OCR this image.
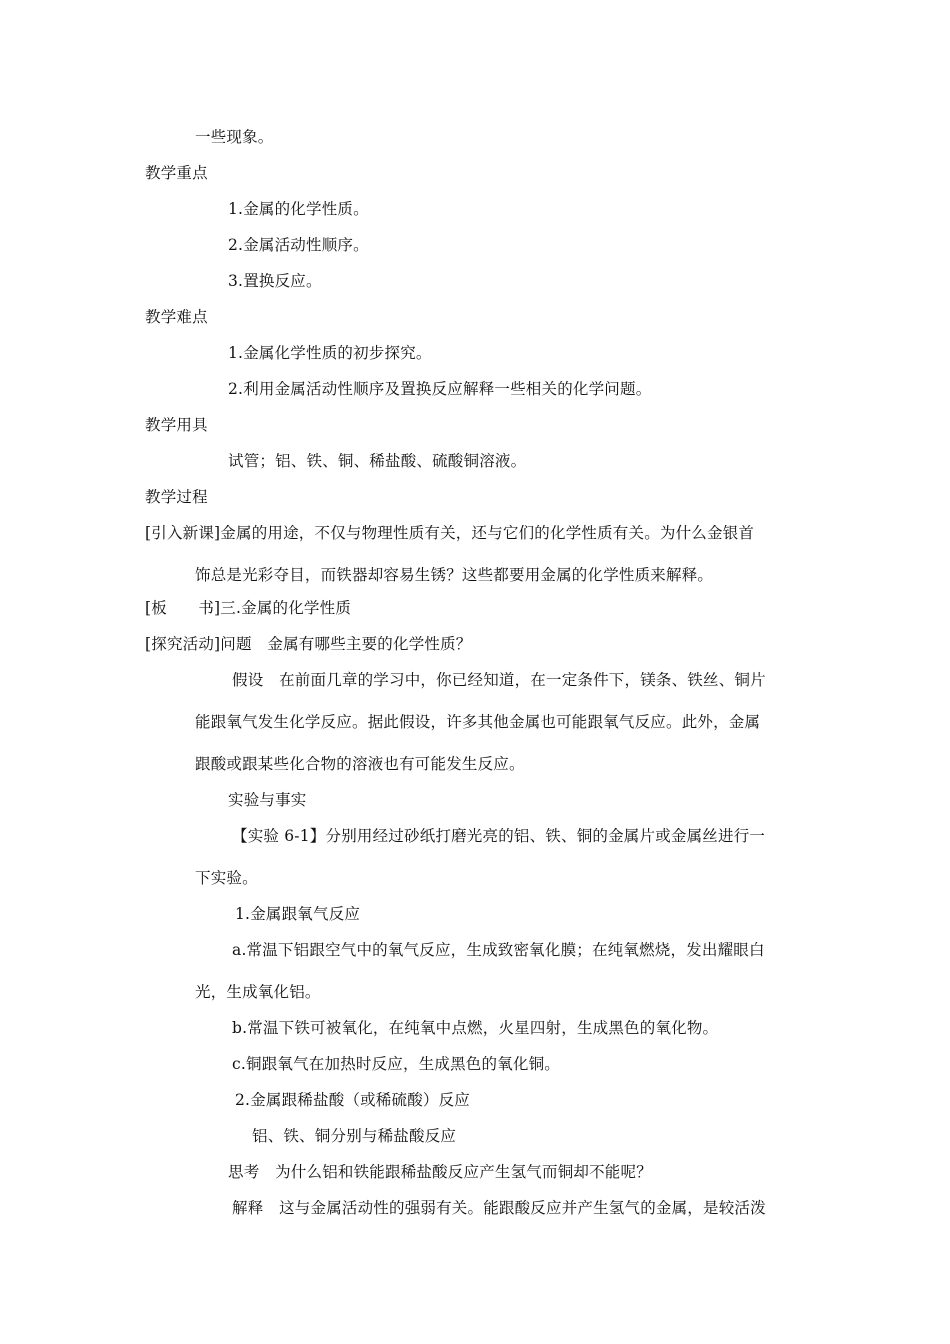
一些现象。
教学重点
1.金属的化学性质。
2.金属活动性顺序。
3.置换反应。
教学难点
1.金属化学性质的初步探究。
2.利用金属活动性顺序及置换反应解释一些相关的化学问题。
教学用具
试管；铝、铁、铜、稀盐酸、硫酸铜溶液。
教学过程
[引入新课]金属的用途，不仅与物理性质有关，还与它们的化学性质有关。为什么金银首
饰总是光彩夺目，而铁器却容易生锈？这些都要用金属的化学性质来解释。
[板　　书]三.金属的化学性质
[探究活动]问题　金属有哪些主要的化学性质？
假设　在前面几章的学习中，你已经知道，在一定条件下，镁条、铁丝、铜片
能跟氧气发生化学反应。据此假设，许多其他金属也可能跟氧气反应。此外，金属
跟酸或跟某些化合物的溶液也有可能发生反应。
实验与事实
【实验 6-1】分别用经过砂纸打磨光亮的铝、铁、铜的金属片或金属丝进行一
下实验。
1.金属跟氧气反应
a.常温下铝跟空气中的氧气反应，生成致密氧化膜；在纯氧燃烧，发出耀眼白
光，生成氧化铝。
b.常温下铁可被氧化，在纯氧中点燃，火星四射，生成黑色的氧化物。
c.铜跟氧气在加热时反应，生成黑色的氧化铜。
2.金属跟稀盐酸（或稀硫酸）反应
铝、铁、铜分别与稀盐酸反应
思考　为什么铝和铁能跟稀盐酸反应产生氢气而铜却不能呢？
解释　这与金属活动性的强弱有关。能跟酸反应并产生氢气的金属，是较活泼
